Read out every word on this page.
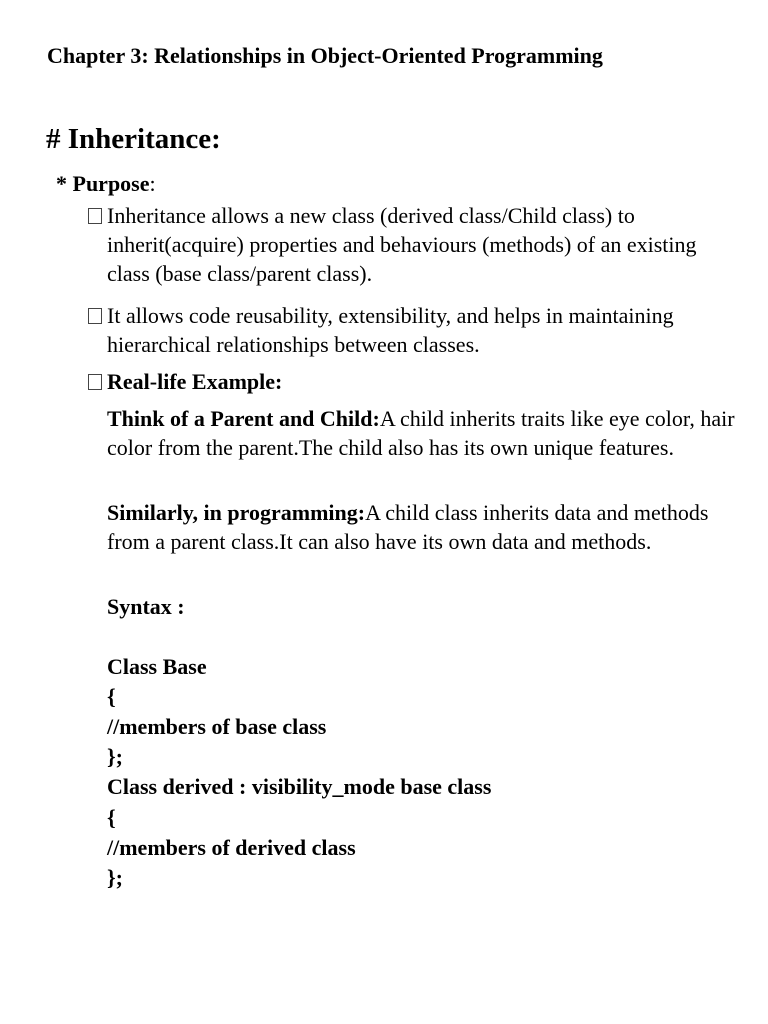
Chapter 3: Relationships in Object-Oriented Programming
# Inheritance:
* Purpose:
Inheritance allows a new class (derived class/Child class) to inherit(acquire) properties and behaviours (methods) of an existing class (base class/parent class).
It allows code reusability, extensibility, and helps in maintaining hierarchical relationships between classes.
Real-life Example:
Think of a Parent and Child:A child inherits traits like eye color, hair color from the parent.The child also has its own unique features.
Similarly, in programming:A child class inherits data and methods from a parent class.It can also have its own data and methods.
Syntax :
Class Base
{
//members of base class
};
Class derived : visibility_mode base class
{
//members of derived class
};
